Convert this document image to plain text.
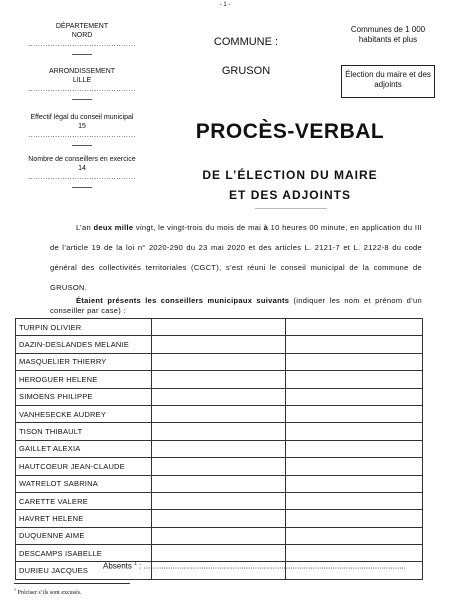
- 1 -
DÉPARTEMENT
NORD
............................................
ARRONDISSEMENT
LILLE
............................................
Effectif légal du conseil municipal
15
............................................
Nombre de conseillers en exercice
14
............................................
COMMUNE :
GRUSON
Communes de 1 000 habitants et plus
Élection du maire et des adjoints
PROCÈS-VERBAL
DE L’ÉLECTION DU MAIRE
ET DES ADJOINTS
L’an deux mille vingt, le vingt-trois du mois de mai à 10 heures 00 minute, en application du III de l’article 19 de la loi n° 2020-290 du 23 mai 2020 et des articles L. 2121-7 et L. 2122-8 du code général des collectivités territoriales (CGCT), s’est réuni le conseil municipal de la commune de GRUSON.
Étaient présents les conseillers municipaux suivants (indiquer les nom et prénom d’un conseiller par case) :
TURPIN OLIVIER		
DAZIN-DESLANDES MELANIE		
MASQUELIER THIERRY		
HEROGUER HELENE		
SIMOENS PHILIPPE		
VANHESECKE AUDREY		
TISON THIBAULT		
GAILLET ALEXIA		
HAUTCOEUR JEAN-CLAUDE		
WATRELOT SABRINA		
CARETTE VALERE		
HAVRET HELENE		
DUQUENNE AIME		
DESCAMPS ISABELLE		
DURIEU JACQUES		Absents $^1$ : ......................................................................................................................
$^1$ Préciser s’ils sont excusés.
